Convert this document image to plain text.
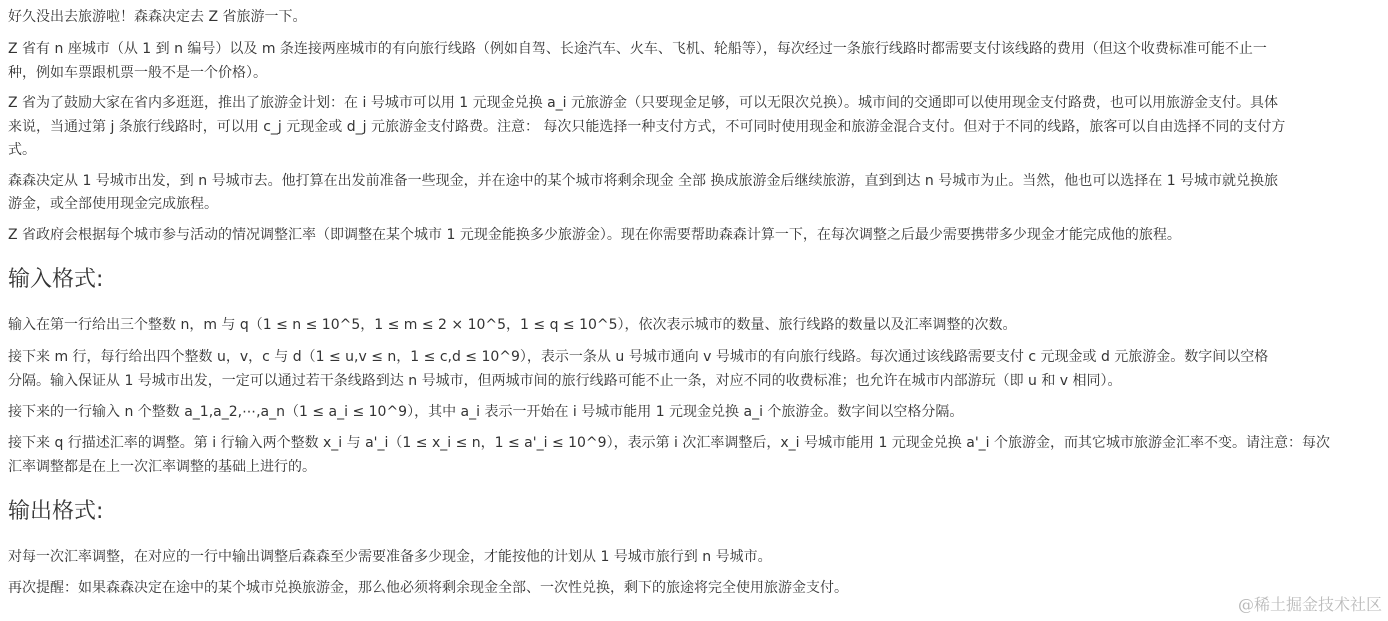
好久没出去旅游啦！森森决定去 Z 省旅游一下。
Z 省有 n 座城市（从 1 到 n 编号）以及 m 条连接两座城市的有向旅行线路（例如自驾、长途汽车、火车、飞机、轮船等），每次经过一条旅行线路时都需要支付该线路的费用（但这个收费标准可能不止一
种，例如车票跟机票一般不是一个价格）。
Z 省为了鼓励大家在省内多逛逛，推出了旅游金计划：在 i 号城市可以用 1 元现金兑换 a_i 元旅游金（只要现金足够，可以无限次兑换）。城市间的交通即可以使用现金支付路费，也可以用旅游金支付。具体
来说，当通过第 j 条旅行线路时，可以用 c_j 元现金或 d_j 元旅游金支付路费。注意： 每次只能选择一种支付方式，不可同时使用现金和旅游金混合支付。但对于不同的线路，旅客可以自由选择不同的支付方
式。
森森决定从 1 号城市出发，到 n 号城市去。他打算在出发前准备一些现金，并在途中的某个城市将剩余现金 全部 换成旅游金后继续旅游，直到到达 n 号城市为止。当然，他也可以选择在 1 号城市就兑换旅
游金，或全部使用现金完成旅程。
Z 省政府会根据每个城市参与活动的情况调整汇率（即调整在某个城市 1 元现金能换多少旅游金）。现在你需要帮助森森计算一下，在每次调整之后最少需要携带多少现金才能完成他的旅程。
输入格式:
输入在第一行给出三个整数 n，m 与 q（1 ≤ n ≤ 10^5，1 ≤ m ≤ 2 × 10^5，1 ≤ q ≤ 10^5），依次表示城市的数量、旅行线路的数量以及汇率调整的次数。
接下来 m 行，每行给出四个整数 u，v，c 与 d（1 ≤ u,v ≤ n，1 ≤ c,d ≤ 10^9），表示一条从 u 号城市通向 v 号城市的有向旅行线路。每次通过该线路需要支付 c 元现金或 d 元旅游金。数字间以空格
分隔。输入保证从 1 号城市出发，一定可以通过若干条线路到达 n 号城市，但两城市间的旅行线路可能不止一条，对应不同的收费标准；也允许在城市内部游玩（即 u 和 v 相同）。
接下来的一行输入 n 个整数 a_1,a_2,⋯,a_n（1 ≤ a_i ≤ 10^9），其中 a_i 表示一开始在 i 号城市能用 1 元现金兑换 a_i 个旅游金。数字间以空格分隔。
接下来 q 行描述汇率的调整。第 i 行输入两个整数 x_i 与 a'_i（1 ≤ x_i ≤ n，1 ≤ a'_i ≤ 10^9），表示第 i 次汇率调整后，x_i 号城市能用 1 元现金兑换 a'_i 个旅游金，而其它城市旅游金汇率不变。请注意：每次
汇率调整都是在上一次汇率调整的基础上进行的。
输出格式:
对每一次汇率调整，在对应的一行中输出调整后森森至少需要准备多少现金，才能按他的计划从 1 号城市旅行到 n 号城市。
再次提醒：如果森森决定在途中的某个城市兑换旅游金，那么他必须将剩余现金全部、一次性兑换，剩下的旅途将完全使用旅游金支付。
@稀土掘金技术社区
